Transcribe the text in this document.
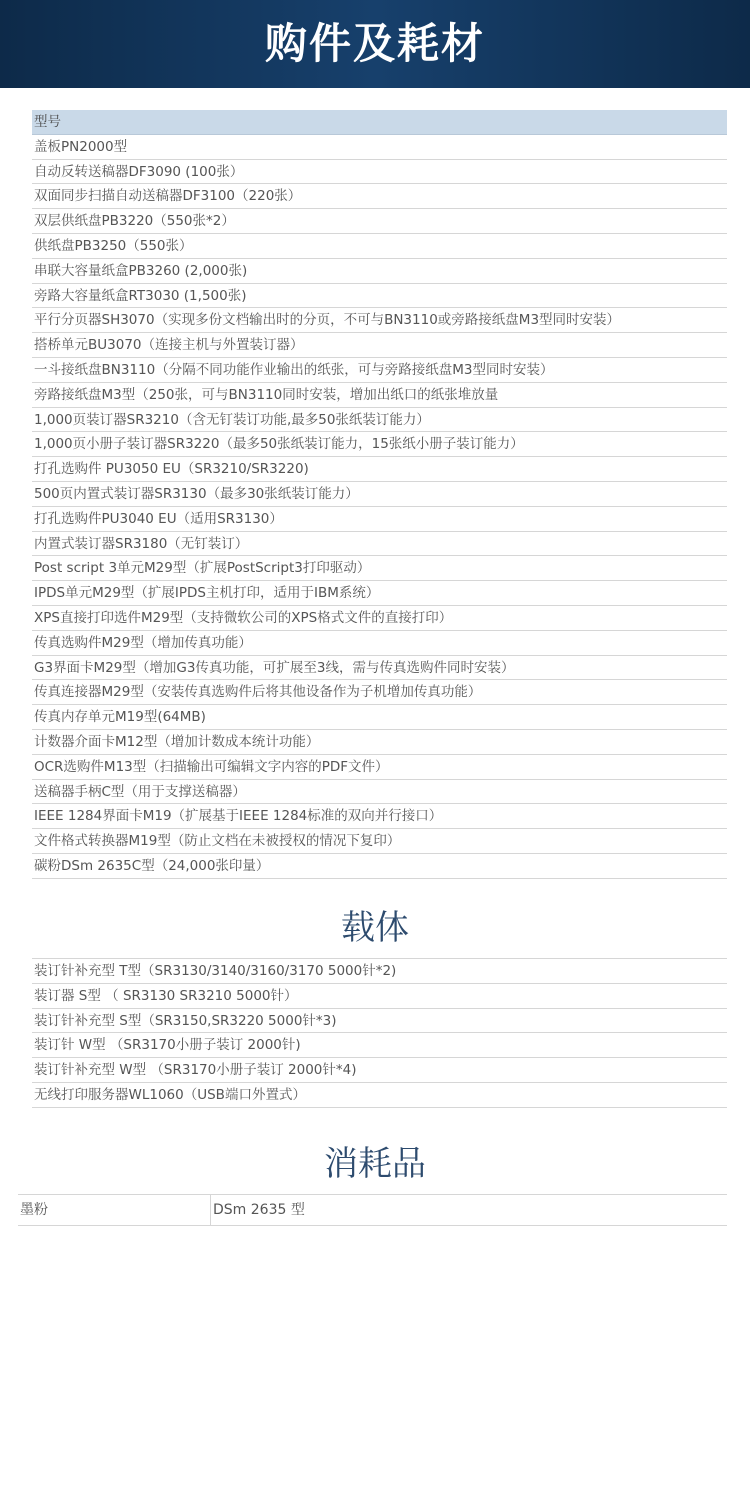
购件及耗材
型号
盖板PN2000型
自动反转送稿器DF3090 (100张）
双面同步扫描自动送稿器DF3100（220张）
双层供纸盘PB3220（550张*2）
供纸盘PB3250（550张）
串联大容量纸盒PB3260 (2,000张)
旁路大容量纸盒RT3030 (1,500张)
平行分页器SH3070（实现多份文档输出时的分页，不可与BN3110或旁路接纸盘M3型同时安装）
搭桥单元BU3070（连接主机与外置装订器）
一斗接纸盘BN3110（分隔不同功能作业输出的纸张，可与旁路接纸盘M3型同时安装）
旁路接纸盘M3型（250张，可与BN3110同时安装，增加出纸口的纸张堆放量
1,000页装订器SR3210（含无钉装订功能,最多50张纸装订能力）
1,000页小册子装订器SR3220（最多50张纸装订能力，15张纸小册子装订能力）
打孔选购件 PU3050 EU（SR3210/SR3220)
500页内置式装订器SR3130（最多30张纸装订能力）
打孔选购件PU3040 EU（适用SR3130）
内置式装订器SR3180（无钉装订）
Post script 3单元M29型（扩展PostScript3打印驱动）
IPDS单元M29型（扩展IPDS主机打印，适用于IBM系统）
XPS直接打印选件M29型（支持微软公司的XPS格式文件的直接打印）
传真选购件M29型（增加传真功能）
G3界面卡M29型（增加G3传真功能，可扩展至3线，需与传真选购件同时安装）
传真连接器M29型（安装传真选购件后将其他设备作为子机增加传真功能）
传真内存单元M19型(64MB)
计数器介面卡M12型（增加计数成本统计功能）
OCR选购件M13型（扫描输出可编辑文字内容的PDF文件）
送稿器手柄C型（用于支撑送稿器）
IEEE 1284界面卡M19（扩展基于IEEE 1284标准的双向并行接口）
文件格式转换器M19型（防止文档在未被授权的情况下复印）
碳粉DSm 2635C型（24,000张印量）
载体
装订针补充型 T型（SR3130/3140/3160/3170 5000针*2)
装订器 S型 （ SR3130 SR3210 5000针）
装订针补充型 S型（SR3150,SR3220 5000针*3)
装订针 W型 （SR3170小册子装订 2000针)
装订针补充型 W型 （SR3170小册子装订 2000针*4)
无线打印服务器WL1060（USB端口外置式）
消耗品
墨粉	DSm 2635 型
